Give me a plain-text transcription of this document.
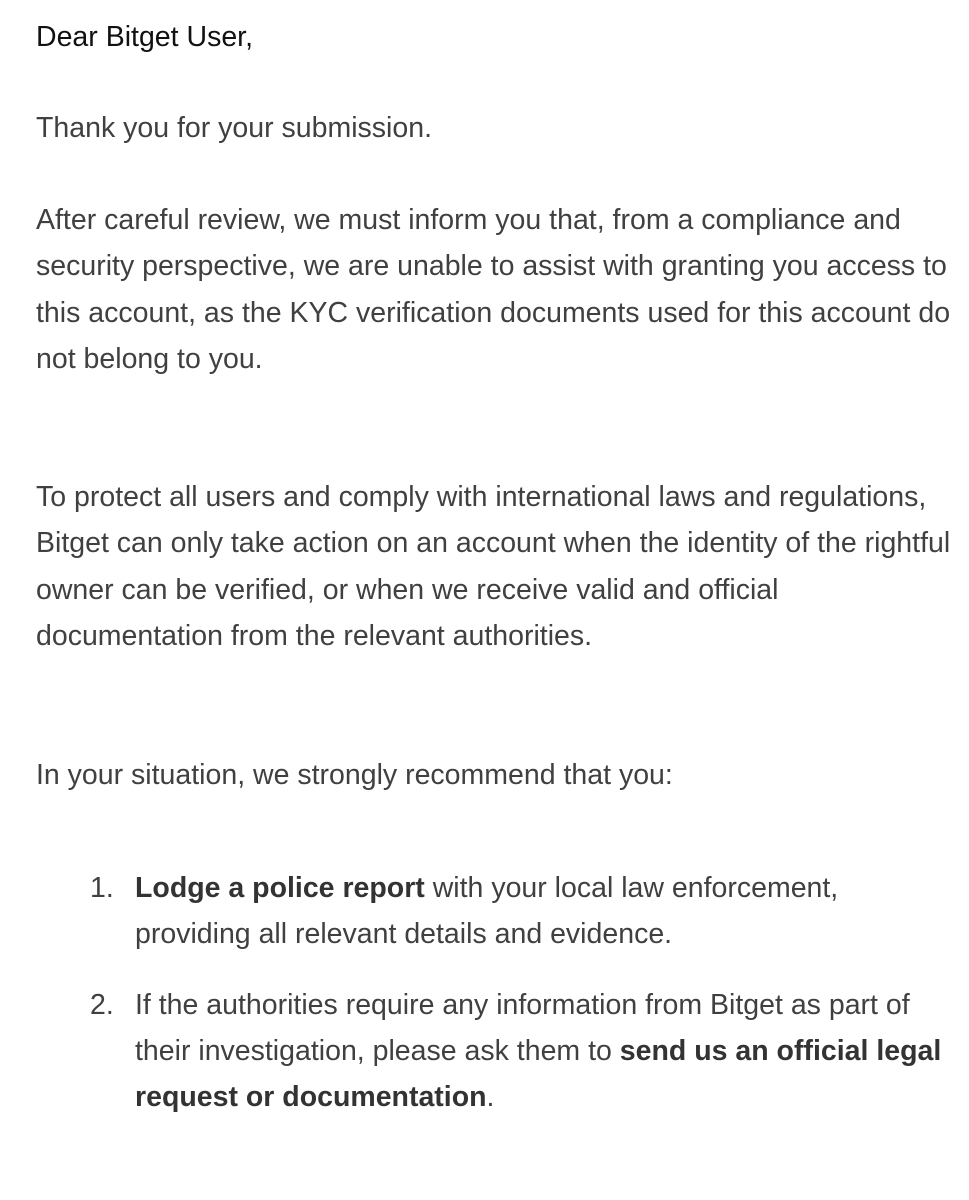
Dear Bitget User,

Thank you for your submission.

After careful review, we must inform you that, from a compliance and security perspective, we are unable to assist with granting you access to this account, as the KYC verification documents used for this account do not belong to you.

To protect all users and comply with international laws and regulations, Bitget can only take action on an account when the identity of the rightful owner can be verified, or when we receive valid and official documentation from the relevant authorities.

In your situation, we strongly recommend that you:

1. Lodge a police report with your local law enforcement, providing all relevant details and evidence.
2. If the authorities require any information from Bitget as part of their investigation, please ask them to send us an official legal request or documentation.
